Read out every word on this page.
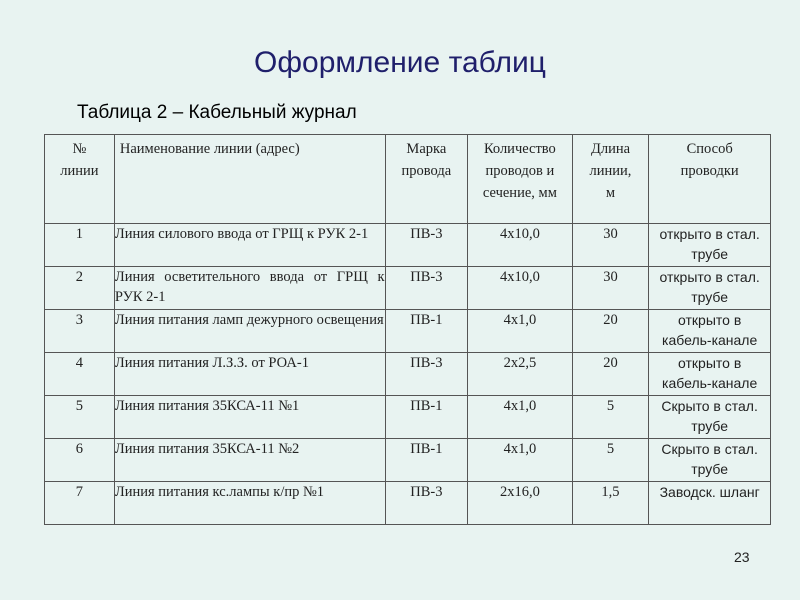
Оформление таблиц
Таблица 2 – Кабельный журнал
№ линии	Наименование линии (адрес)	Марка провода	Количество проводов и сечение, мм	Длина линии, м	Способ проводки

1	Линия силового ввода от ГРЩ к РУК 2-1	ПВ-3	4х10,0	30	открыто в стал. трубе
2	Линия осветительного ввода от ГРЩ к РУК 2-1	ПВ-3	4х10,0	30	открыто в стал. трубе
3	Линия питания ламп дежурного освещения	ПВ-1	4х1,0	20	открыто в кабель-канале
4	Линия питания Л.З.З. от РОА-1	ПВ-3	2х2,5	20	открыто в кабель-канале
5	Линия питания 35КСА-11 №1	ПВ-1	4х1,0	5	Скрыто в стал. трубе
6	Линия питания 35КСА-11 №2	ПВ-1	4х1,0	5	Скрыто в стал. трубе
7	Линия питания кс.лампы к/пр №1	ПВ-3	2х16,0	1,5	Заводск. шланг
23
